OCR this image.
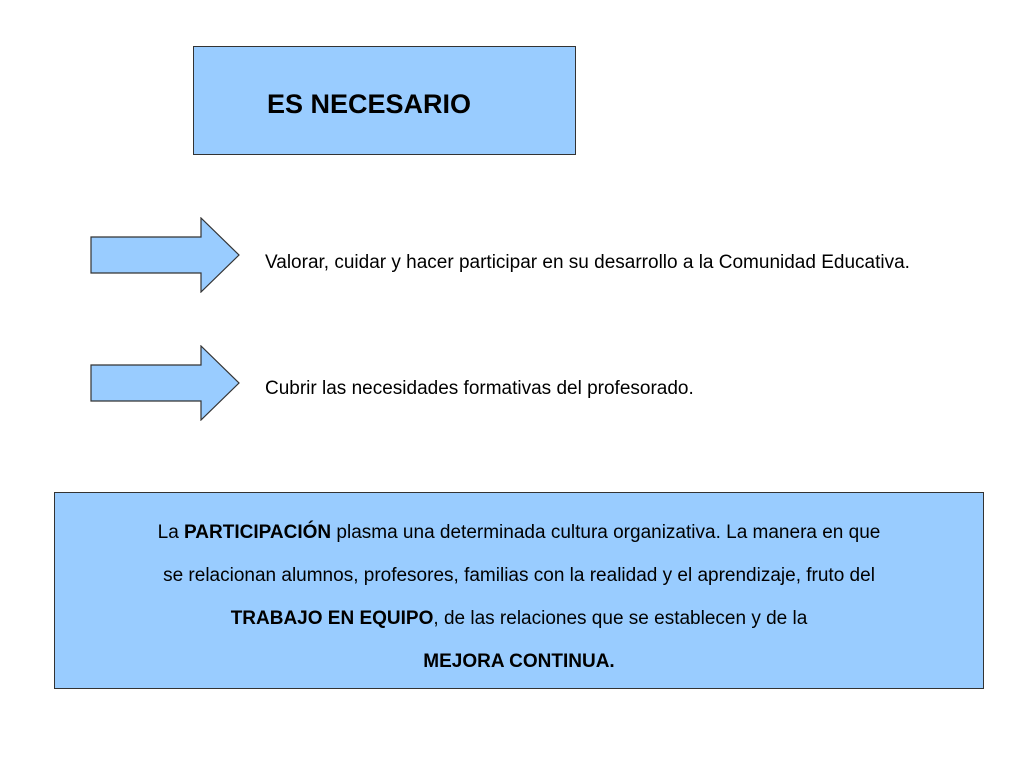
ES NECESARIO
Valorar, cuidar y hacer participar en su desarrollo a la Comunidad Educativa.
Cubrir las necesidades formativas del profesorado.
La PARTICIPACIÓN plasma una determinada cultura organizativa. La manera en que
se relacionan alumnos, profesores, familias con la realidad y el aprendizaje, fruto del
TRABAJO EN EQUIPO, de las relaciones que se establecen y de la
MEJORA CONTINUA.
